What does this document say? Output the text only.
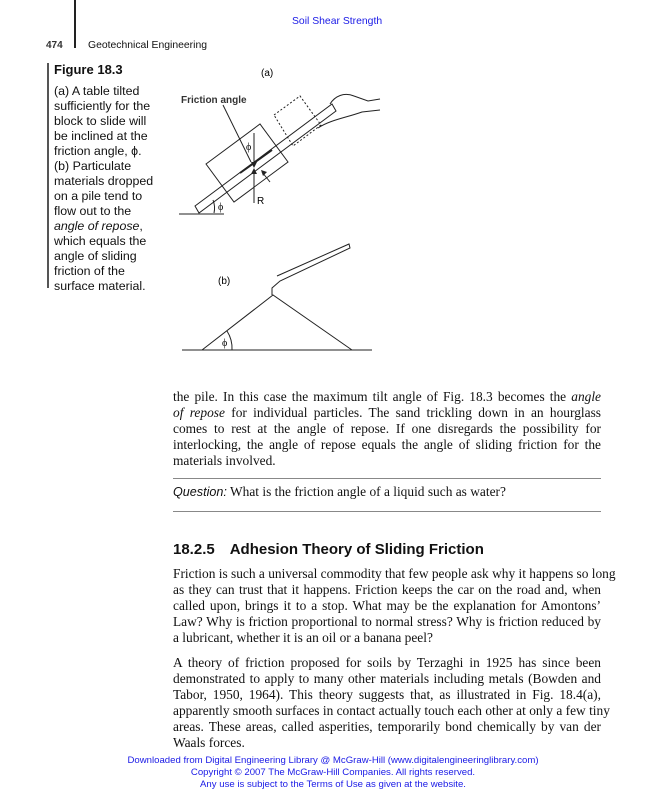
Soil Shear Strength
474 Geotechnical Engineering
Figure 18.3
(a) A table tilted
sufficiently for the
block to slide will
be inclined at the
friction angle, ϕ.
(b) Particulate
materials dropped
on a pile tend to
flow out to the
angle of repose,
which equals the
angle of sliding
friction of the
surface material.
(a)
Friction angle
ϕ
ϕ
R
(b)
ϕ
the pile. In this case the maximum tilt angle of Fig. 18.3 becomes the angle
of repose for individual particles. The sand trickling down in an hourglass
comes to rest at the angle of repose. If one disregards the possibility for
interlocking, the angle of repose equals the angle of sliding friction for the
materials involved.
Question: What is the friction angle of a liquid such as water?
18.2.5 Adhesion Theory of Sliding Friction
Friction is such a universal commodity that few people ask why it happens so long
as they can trust that it happens. Friction keeps the car on the road and, when
called upon, brings it to a stop. What may be the explanation for Amontons’
Law? Why is friction proportional to normal stress? Why is friction reduced by
a lubricant, whether it is an oil or a banana peel?
A theory of friction proposed for soils by Terzaghi in 1925 has since been
demonstrated to apply to many other materials including metals (Bowden and
Tabor, 1950, 1964). This theory suggests that, as illustrated in Fig. 18.4(a),
apparently smooth surfaces in contact actually touch each other at only a few tiny
areas. These areas, called asperities, temporarily bond chemically by van der
Waals forces.
Downloaded from Digital Engineering Library @ McGraw-Hill (www.digitalengineeringlibrary.com)
Copyright © 2007 The McGraw-Hill Companies. All rights reserved.
Any use is subject to the Terms of Use as given at the website.
